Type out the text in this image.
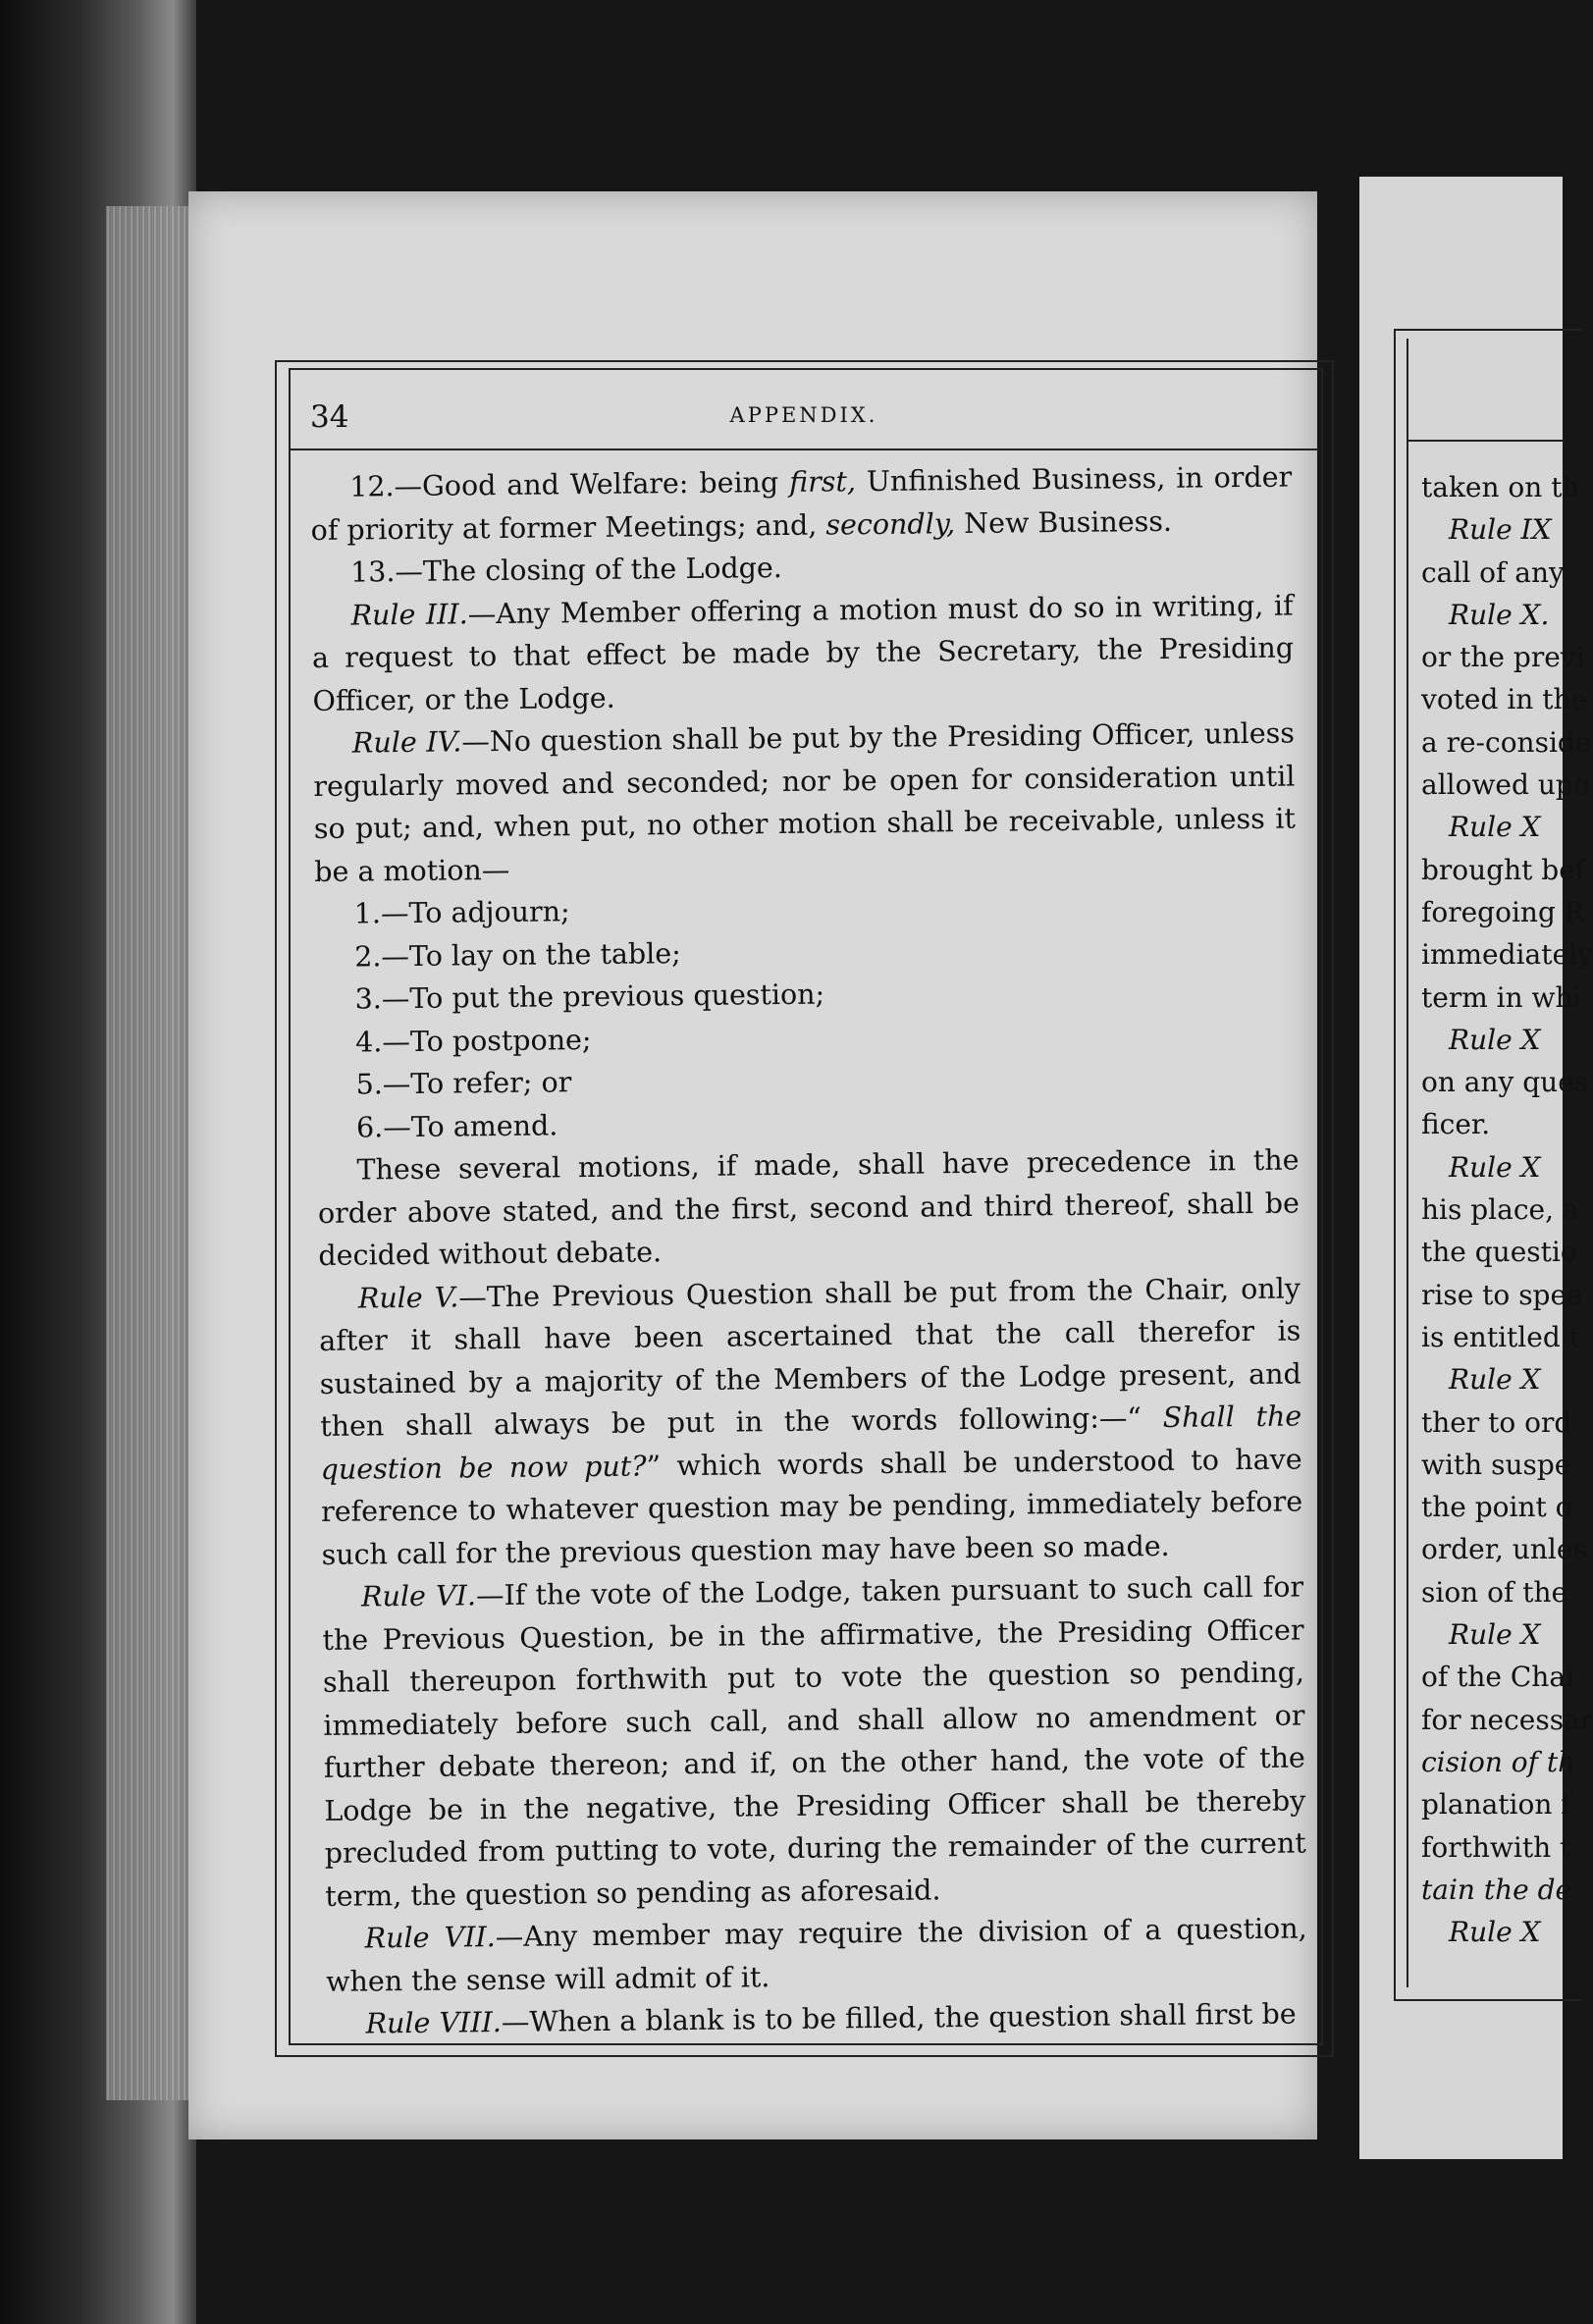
34	APPENDIX.

12.—Good and Welfare: being first, Unfinished Business, in order of priority at former Meetings; and, secondly, New Business.

13.—The closing of the Lodge.

Rule III.—Any Member offering a motion must do so in writing, if a request to that effect be made by the Secretary, the Presiding Officer, or the Lodge.

Rule IV.—No question shall be put by the Presiding Officer, unless regularly moved and seconded; nor be open for consideration until so put; and, when put, no other motion shall be receivable, unless it be a motion—

1.—To adjourn;

2.—To lay on the table;

3.—To put the previous question;

4.—To postpone;

5.—To refer; or

6.—To amend.

These several motions, if made, shall have precedence in the order above stated, and the first, second and third thereof, shall be decided without debate.

Rule V.—The Previous Question shall be put from the Chair, only after it shall have been ascertained that the call therefor is sustained by a majority of the Members of the Lodge present, and then shall always be put in the words following:—“ Shall the question be now put?” which words shall be understood to have reference to whatever question may be pending, immediately before such call for the previous question may have been so made.

Rule VI.—If the vote of the Lodge, taken pursuant to such call for the Previous Question, be in the affirmative, the Presiding Officer shall thereupon forthwith put to vote the question so pending, immediately before such call, and shall allow no amendment or further debate thereon; and if, on the other hand, the vote of the Lodge be in the negative, the Presiding Officer shall be thereby precluded from putting to vote, during the remainder of the current term, the question so pending as aforesaid.

Rule VII.—Any member may require the division of a question, when the sense will admit of it.

Rule VIII.—When a blank is to be filled, the question shall first be

taken on th
Rule IX
call of any
Rule X.
or the previ
voted in the
a re-conside
allowed upo
Rule X
brought bef
foregoing R
immediately
term in whi
Rule X
on any ques
ficer.
Rule X
his place, a
the questio
rise to spea
is entitled t
Rule X
ther to ord
with suspe
the point o
order, unles
sion of the
Rule X
of the Chai
for necessar
cision of th
planation f
forthwith t
tain the de
Rule X
